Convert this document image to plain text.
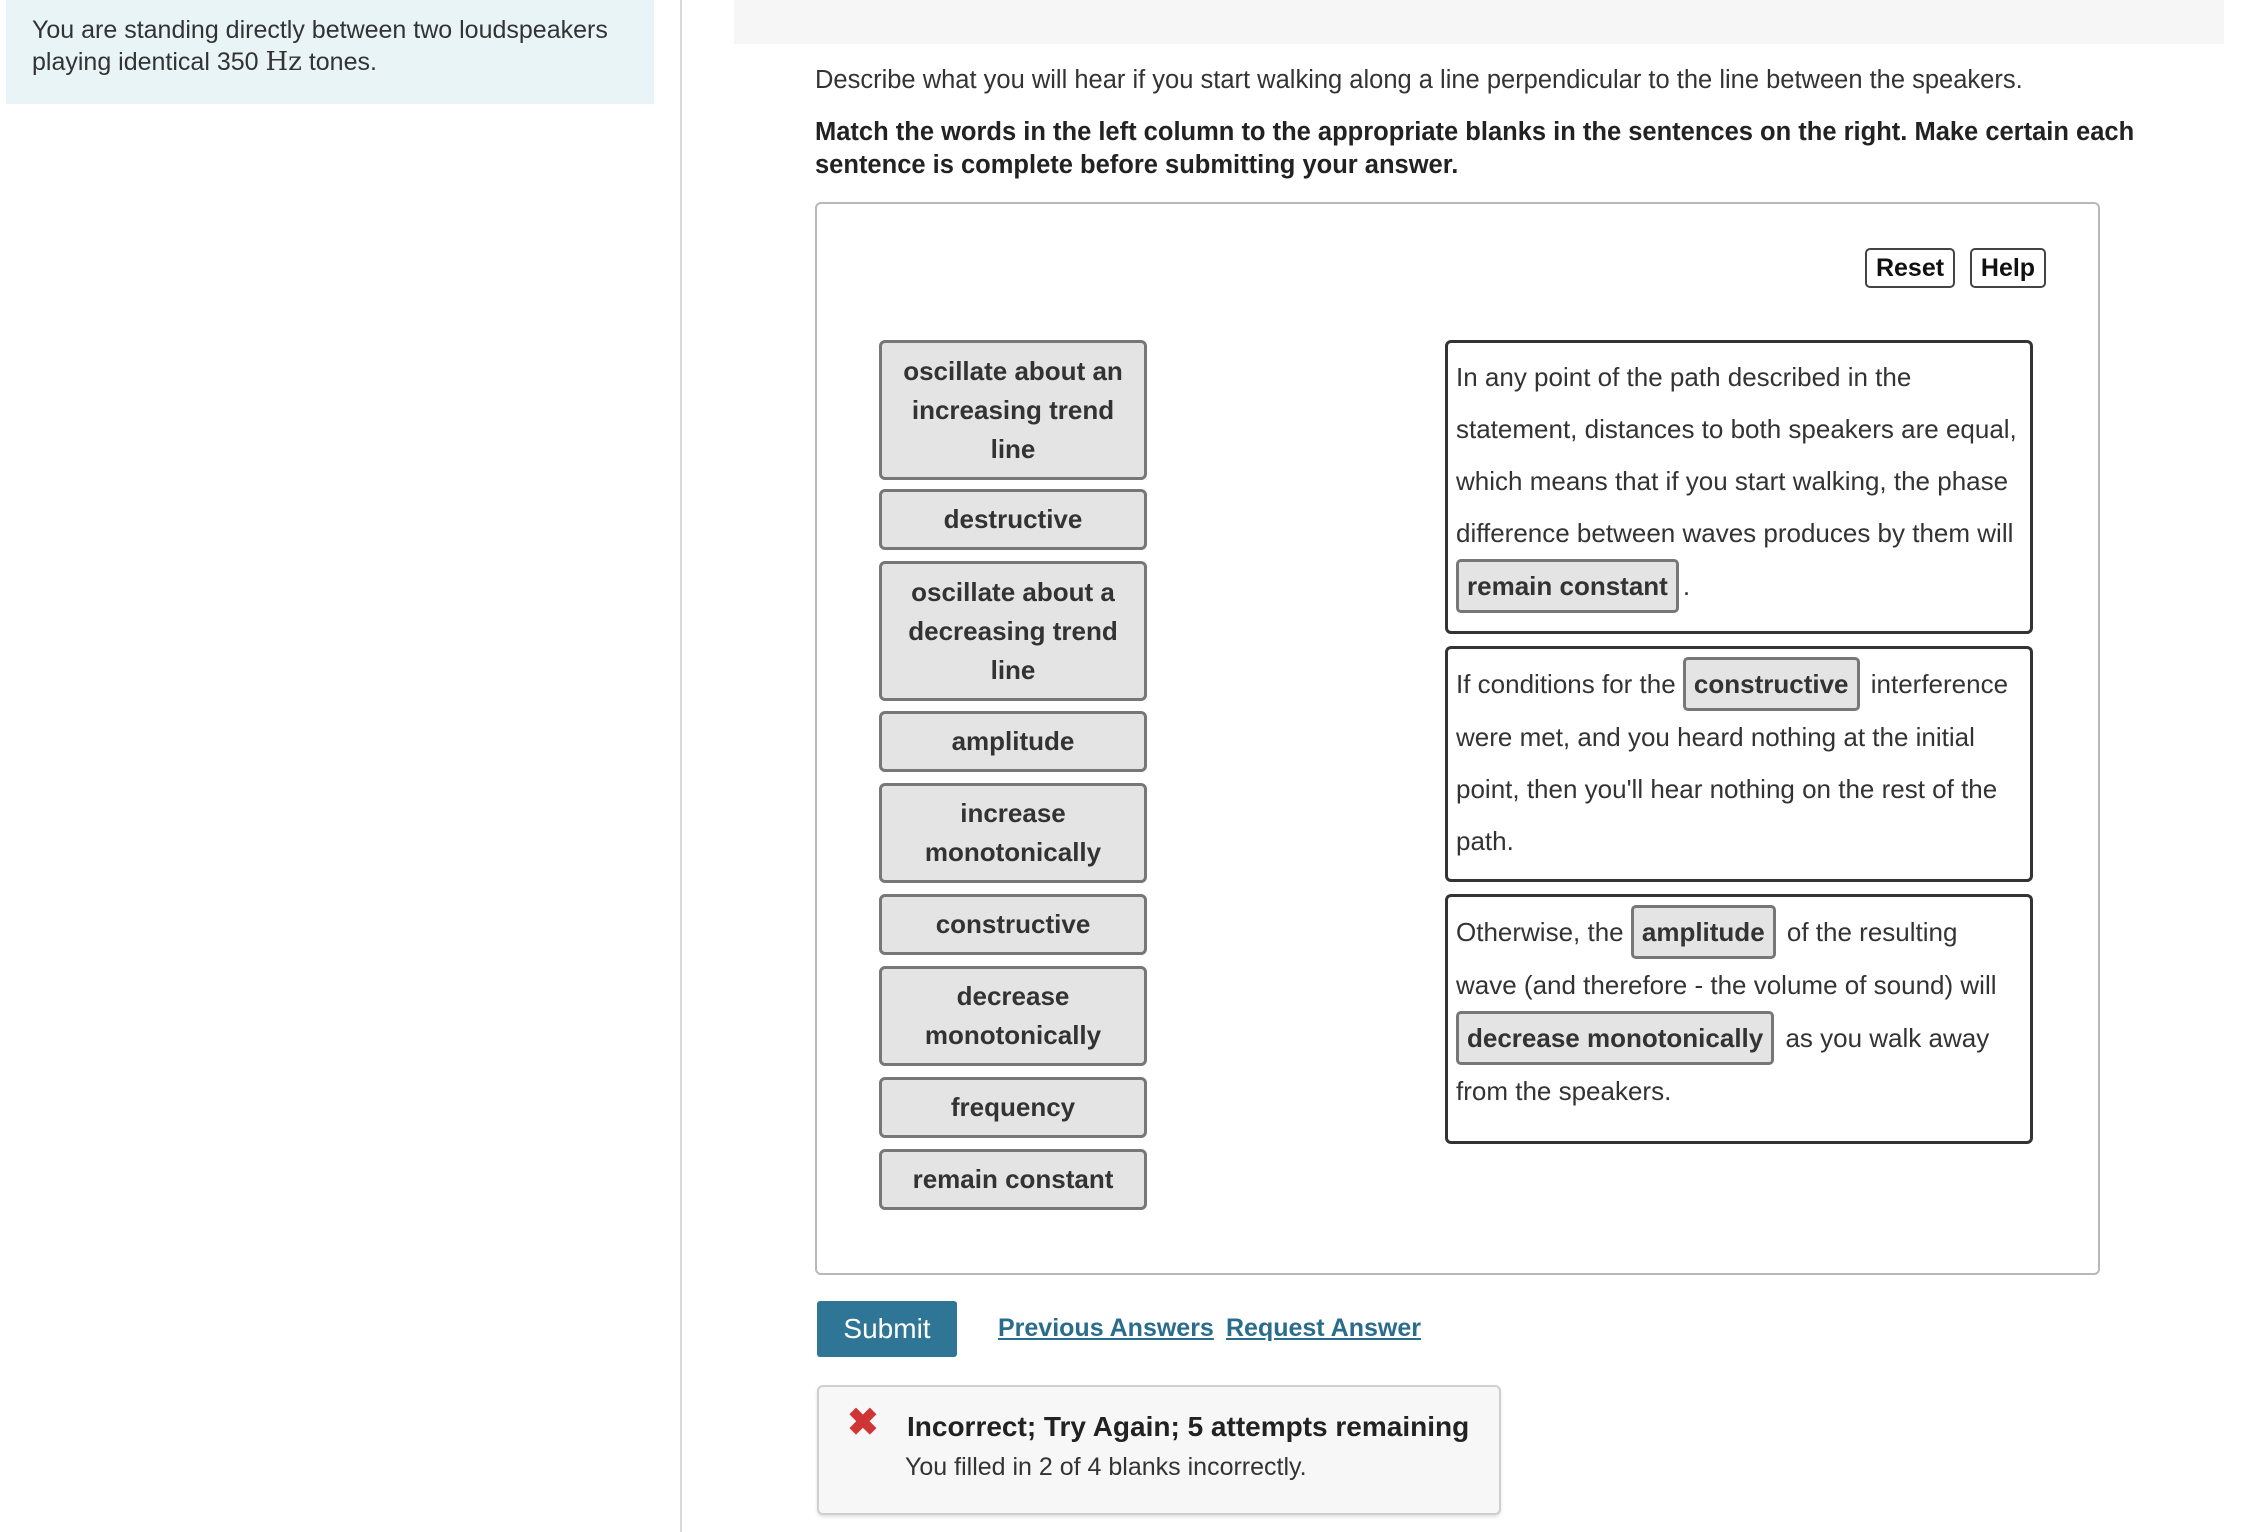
You are standing directly between two loudspeakers playing identical 350 Hz tones.
Describe what you will hear if you start walking along a line perpendicular to the line between the speakers.
Match the words in the left column to the appropriate blanks in the sentences on the right. Make certain each sentence is complete before submitting your answer.
Reset	Help
oscillate about an increasing trend line
destructive
oscillate about a decreasing trend line
amplitude
increase monotonically
constructive
decrease monotonically
frequency
remain constant
In any point of the path described in the statement, distances to both speakers are equal, which means that if you start walking, the phase difference between waves produces by them will remain constant .
If conditions for the constructive interference were met, and you heard nothing at the initial point, then you'll hear nothing on the rest of the path.
Otherwise, the amplitude of the resulting wave (and therefore - the volume of sound) will decrease monotonically as you walk away from the speakers.
Submit	Previous Answers Request Answer
✖ Incorrect; Try Again; 5 attempts remaining
You filled in 2 of 4 blanks incorrectly.
